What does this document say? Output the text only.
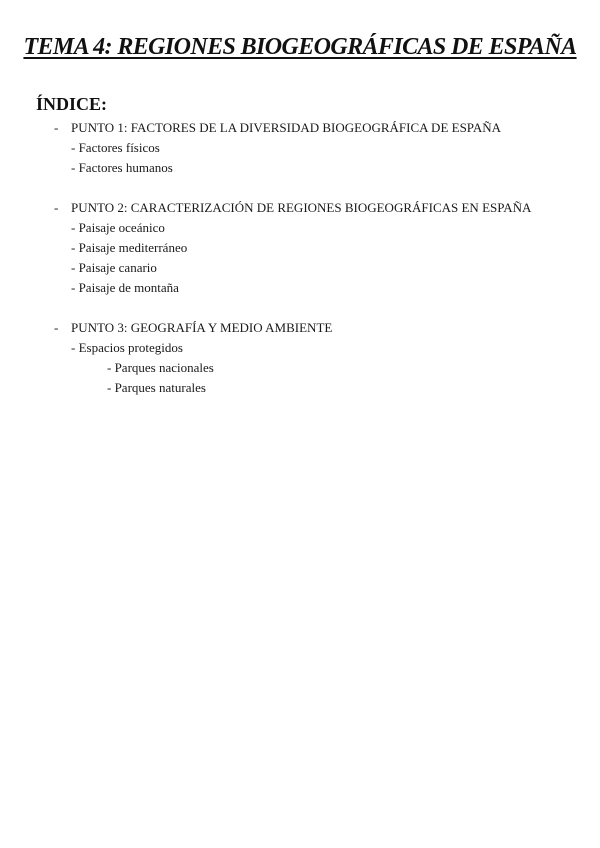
TEMA 4: REGIONES BIOGEOGRÁFICAS DE ESPAÑA
ÍNDICE:
- PUNTO 1: FACTORES DE LA DIVERSIDAD BIOGEOGRÁFICA DE ESPAÑA
- Factores físicos
- Factores humanos
- PUNTO 2: CARACTERIZACIÓN DE REGIONES BIOGEOGRÁFICAS EN ESPAÑA
- Paisaje oceánico
- Paisaje mediterráneo
- Paisaje canario
- Paisaje de montaña
- PUNTO 3: GEOGRAFÍA Y MEDIO AMBIENTE
- Espacios protegidos
- Parques nacionales
- Parques naturales
